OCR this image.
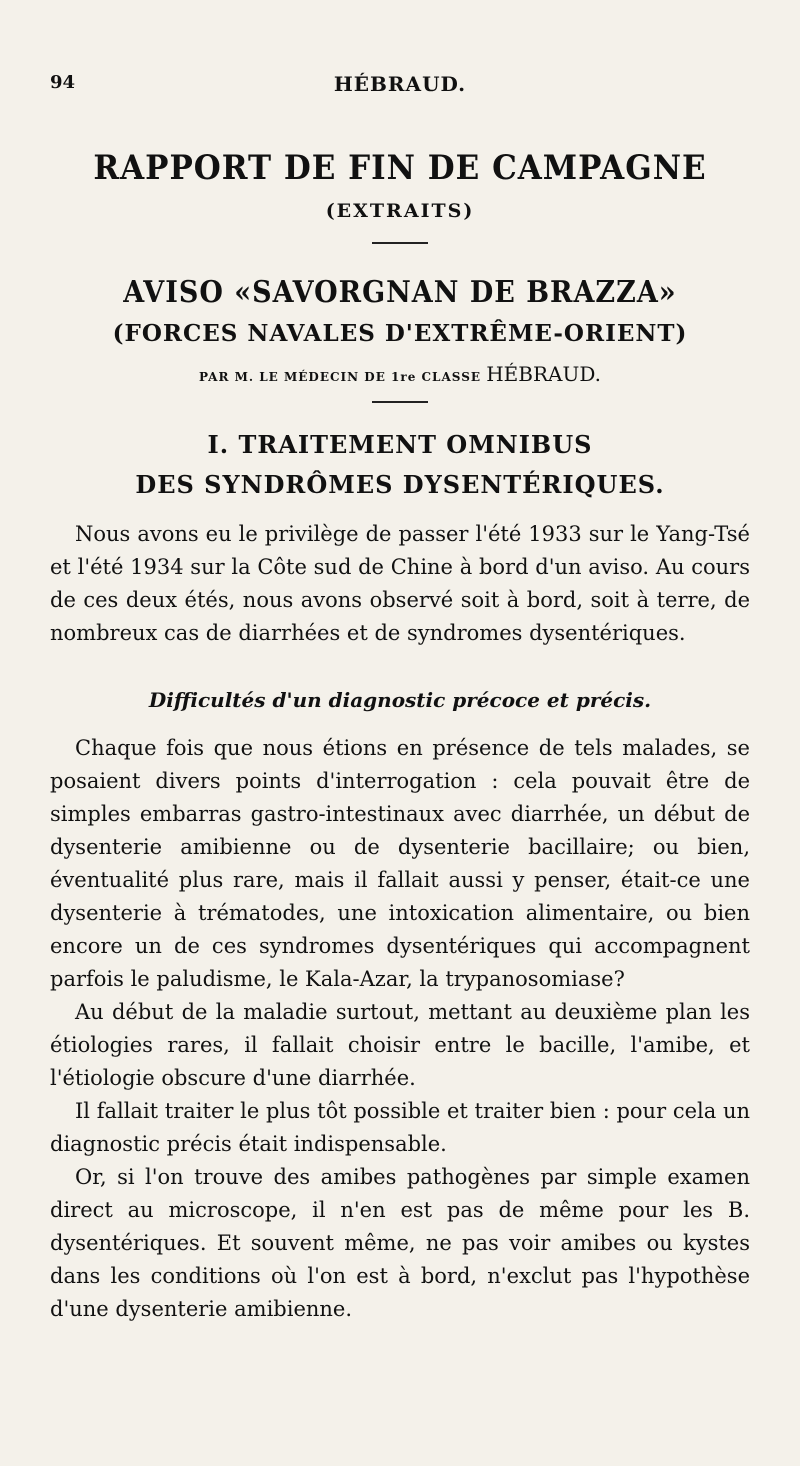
94	HÉBRAUD.
RAPPORT DE FIN DE CAMPAGNE
(EXTRAITS)
AVISO «SAVORGNAN DE BRAZZA»
(FORCES NAVALES D'EXTRÊME-ORIENT)
PAR M. LE MÉDECIN DE 1re CLASSE HÉBRAUD.
I. TRAITEMENT OMNIBUS
DES SYNDRÔMES DYSENTÉRIQUES.

Nous avons eu le privilège de passer l'été 1933 sur le Yang-Tsé et l'été 1934 sur la Côte sud de Chine à bord d'un aviso. Au cours de ces deux étés, nous avons observé soit à bord, soit à terre, de nombreux cas de diarrhées et de syndromes dysentériques.

Difficultés d'un diagnostic précoce et précis.

Chaque fois que nous étions en présence de tels malades, se posaient divers points d'interrogation : cela pouvait être de simples embarras gastro-intestinaux avec diarrhée, un début de dysenterie amibienne ou de dysenterie bacillaire; ou bien, éventualité plus rare, mais il fallait aussi y penser, était-ce une dysenterie à trématodes, une intoxication alimentaire, ou bien encore un de ces syndromes dysentériques qui accompagnent parfois le paludisme, le Kala-Azar, la trypanosomiase?

Au début de la maladie surtout, mettant au deuxième plan les étiologies rares, il fallait choisir entre le bacille, l'amibe, et l'étiologie obscure d'une diarrhée.

Il fallait traiter le plus tôt possible et traiter bien : pour cela un diagnostic précis était indispensable.

Or, si l'on trouve des amibes pathogènes par simple examen direct au microscope, il n'en est pas de même pour les B. dysentériques. Et souvent même, ne pas voir amibes ou kystes dans les conditions où l'on est à bord, n'exclut pas l'hypothèse d'une dysenterie amibienne.
